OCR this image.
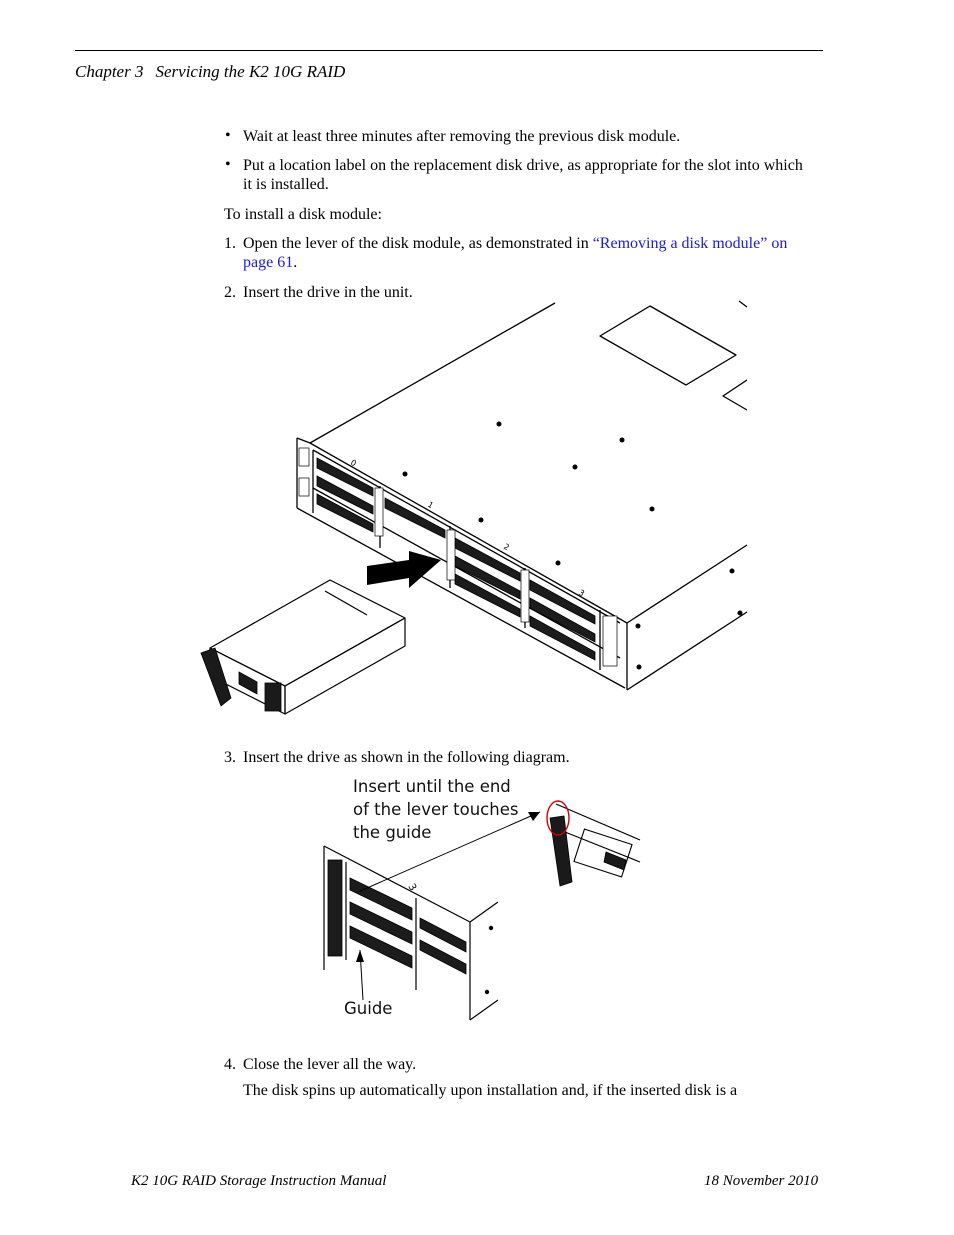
Chapter 3 Servicing the K2 10G RAID
• Wait at least three minutes after removing the previous disk module.
• Put a location label on the replacement disk drive, as appropriate for the slot into which it is installed.
To install a disk module:
1. Open the lever of the disk module, as demonstrated in “Removing a disk module” on page 61.
2. Insert the drive in the unit.
0
1
2
3
3. Insert the drive as shown in the following diagram.
Insert until the end of the lever touches the guide
Guide
3
4. Close the lever all the way.
The disk spins up automatically upon installation and, if the inserted disk is a
K2 10G RAID Storage Instruction Manual	18 November 2010
